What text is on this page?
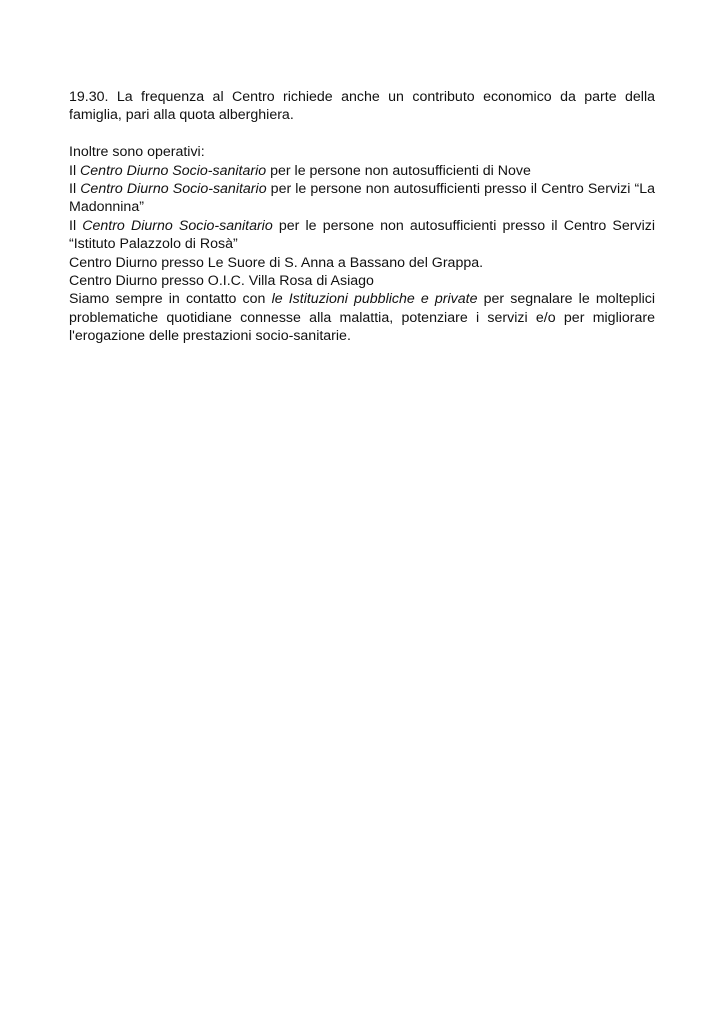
19.30. La frequenza al Centro richiede anche un contributo economico da parte della famiglia, pari alla quota alberghiera.

Inoltre sono operativi:

Il Centro Diurno Socio-sanitario per le persone non autosufficienti di Nove

Il Centro Diurno Socio-sanitario per le persone non autosufficienti presso il Centro Servizi “La Madonnina”

Il Centro Diurno Socio-sanitario per le persone non autosufficienti presso il Centro Servizi “Istituto Palazzolo di Rosà”

Centro Diurno presso Le Suore di S. Anna a Bassano del Grappa.

Centro Diurno presso O.I.C. Villa Rosa di Asiago

Siamo sempre in contatto con le Istituzioni pubbliche e private per segnalare le molteplici problematiche quotidiane connesse alla malattia, potenziare i servizi e/o per migliorare l'erogazione delle prestazioni socio-sanitarie.
